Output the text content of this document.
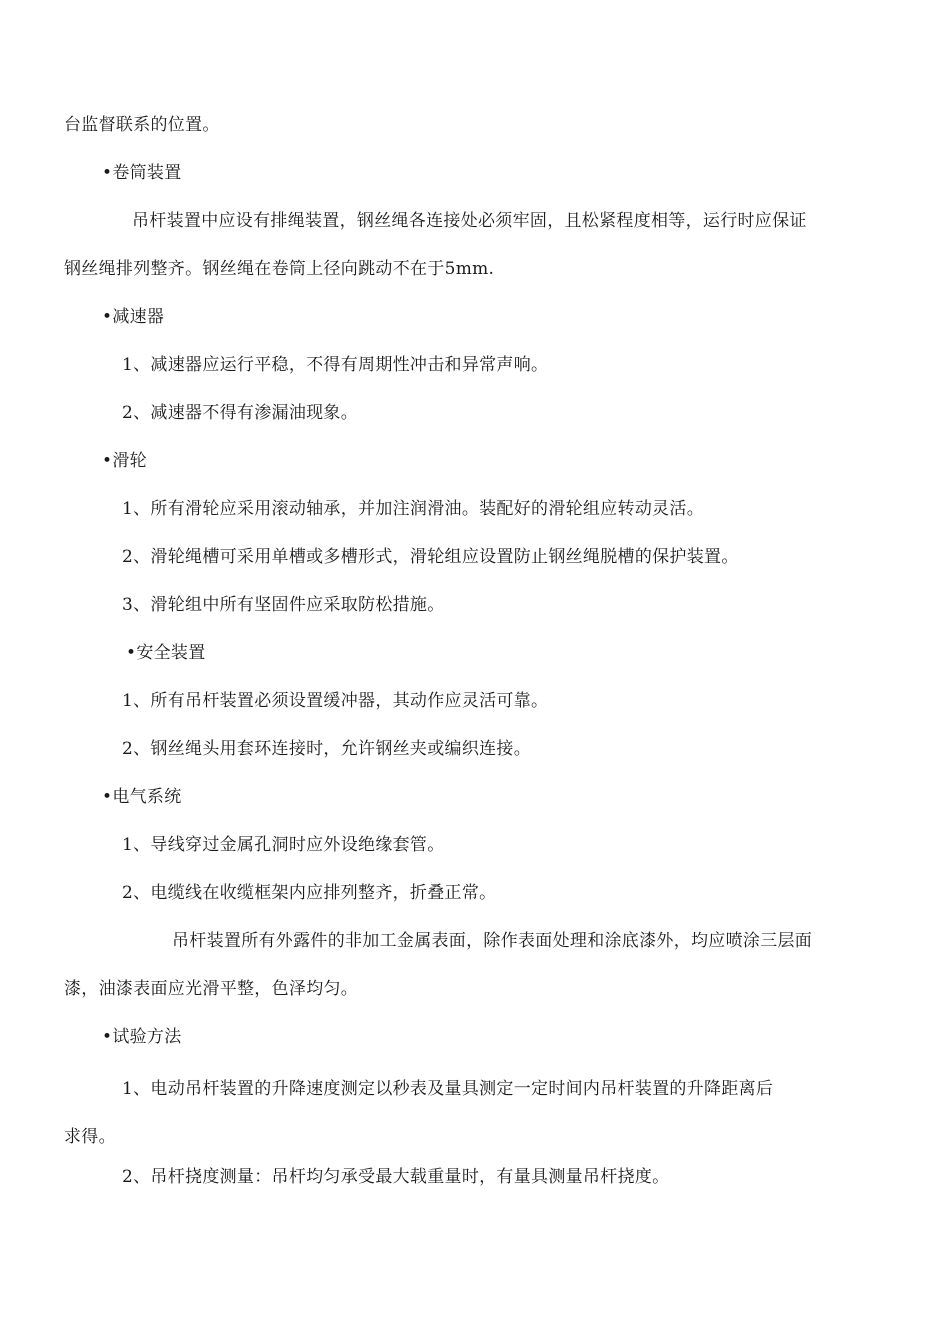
台监督联系的位置。
•卷筒装置
吊杆装置中应设有排绳装置，钢丝绳各连接处必须牢固，且松紧程度相等，运行时应保证
钢丝绳排列整齐。钢丝绳在卷筒上径向跳动不在于5mm.
•减速器
1、减速器应运行平稳，不得有周期性冲击和异常声响。
2、减速器不得有渗漏油现象。
•滑轮
1、所有滑轮应采用滚动轴承，并加注润滑油。装配好的滑轮组应转动灵活。
2、滑轮绳槽可采用单槽或多槽形式，滑轮组应设置防止钢丝绳脱槽的保护装置。
3、滑轮组中所有坚固件应采取防松措施。
•安全装置
1、所有吊杆装置必须设置缓冲器，其动作应灵活可靠。
2、钢丝绳头用套环连接时，允许钢丝夹或编织连接。
•电气系统
1、导线穿过金属孔洞时应外设绝缘套管。
2、电缆线在收缆框架内应排列整齐，折叠正常。
吊杆装置所有外露件的非加工金属表面，除作表面处理和涂底漆外，均应喷涂三层面
漆，油漆表面应光滑平整，色泽均匀。
•试验方法
1、电动吊杆装置的升降速度测定以秒表及量具测定一定时间内吊杆装置的升降距离后
求得。
2、吊杆挠度测量：吊杆均匀承受最大载重量时，有量具测量吊杆挠度。
